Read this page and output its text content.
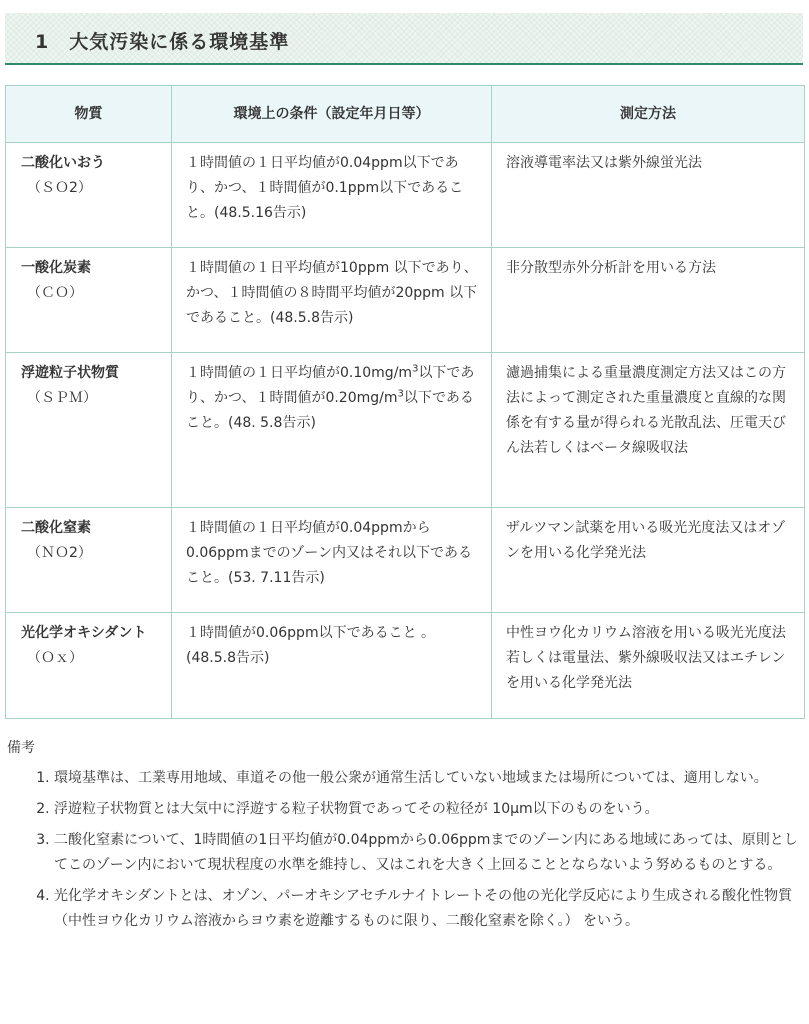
1　大気汚染に係る環境基準
物質	環境上の条件（設定年月日等）	測定方法
二酸化いおう
（ＳＯ2）	１時間値の１日平均値が0.04ppm以下であり、かつ、１時間値が0.1ppm以下であること。(48.5.16告示)	溶液導電率法又は紫外線蛍光法
一酸化炭素
（ＣＯ）	１時間値の１日平均値が10ppm 以下であり、かつ、１時間値の８時間平均値が20ppm 以下であること。(48.5.8告示)	非分散型赤外分析計を用いる方法
浮遊粒子状物質
（ＳＰＭ）	１時間値の１日平均値が$0.10mg/m^3$以下であり、かつ、１時間値が$0.20mg/m^3$以下であること。(48. 5.8告示)	濾過捕集による重量濃度測定方法又はこの方法によって測定された重量濃度と直線的な関係を有する量が得られる光散乱法、圧電天びん法若しくはベータ線吸収法
二酸化窒素
（ＮＯ2）	１時間値の１日平均値が0.04ppmから0.06ppmまでのゾーン内又はそれ以下であること。(53. 7.11告示)	ザルツマン試薬を用いる吸光光度法又はオゾンを用いる化学発光法
光化学オキシダント
（Ｏｘ）	１時間値が0.06ppm以下であること 。(48.5.8告示)	中性ヨウ化カリウム溶液を用いる吸光光度法若しくは電量法、紫外線吸収法又はエチレンを用いる化学発光法
備考
1. 環境基準は、工業専用地域、車道その他一般公衆が通常生活していない地域または場所については、適用しない。
2. 浮遊粒子状物質とは大気中に浮遊する粒子状物質であってその粒径が 10μm以下のものをいう。
3. 二酸化窒素について、1時間値の1日平均値が0.04ppmから0.06ppmまでのゾーン内にある地域にあっては、原則としてこのゾーン内において現状程度の水準を維持し、又はこれを大きく上回ることとならないよう努めるものとする。
4. 光化学オキシダントとは、オゾン、パーオキシアセチルナイトレートその他の光化学反応により生成される酸化性物質（中性ヨウ化カリウム溶液からヨウ素を遊離するものに限り、二酸化窒素を除く。） をいう。
